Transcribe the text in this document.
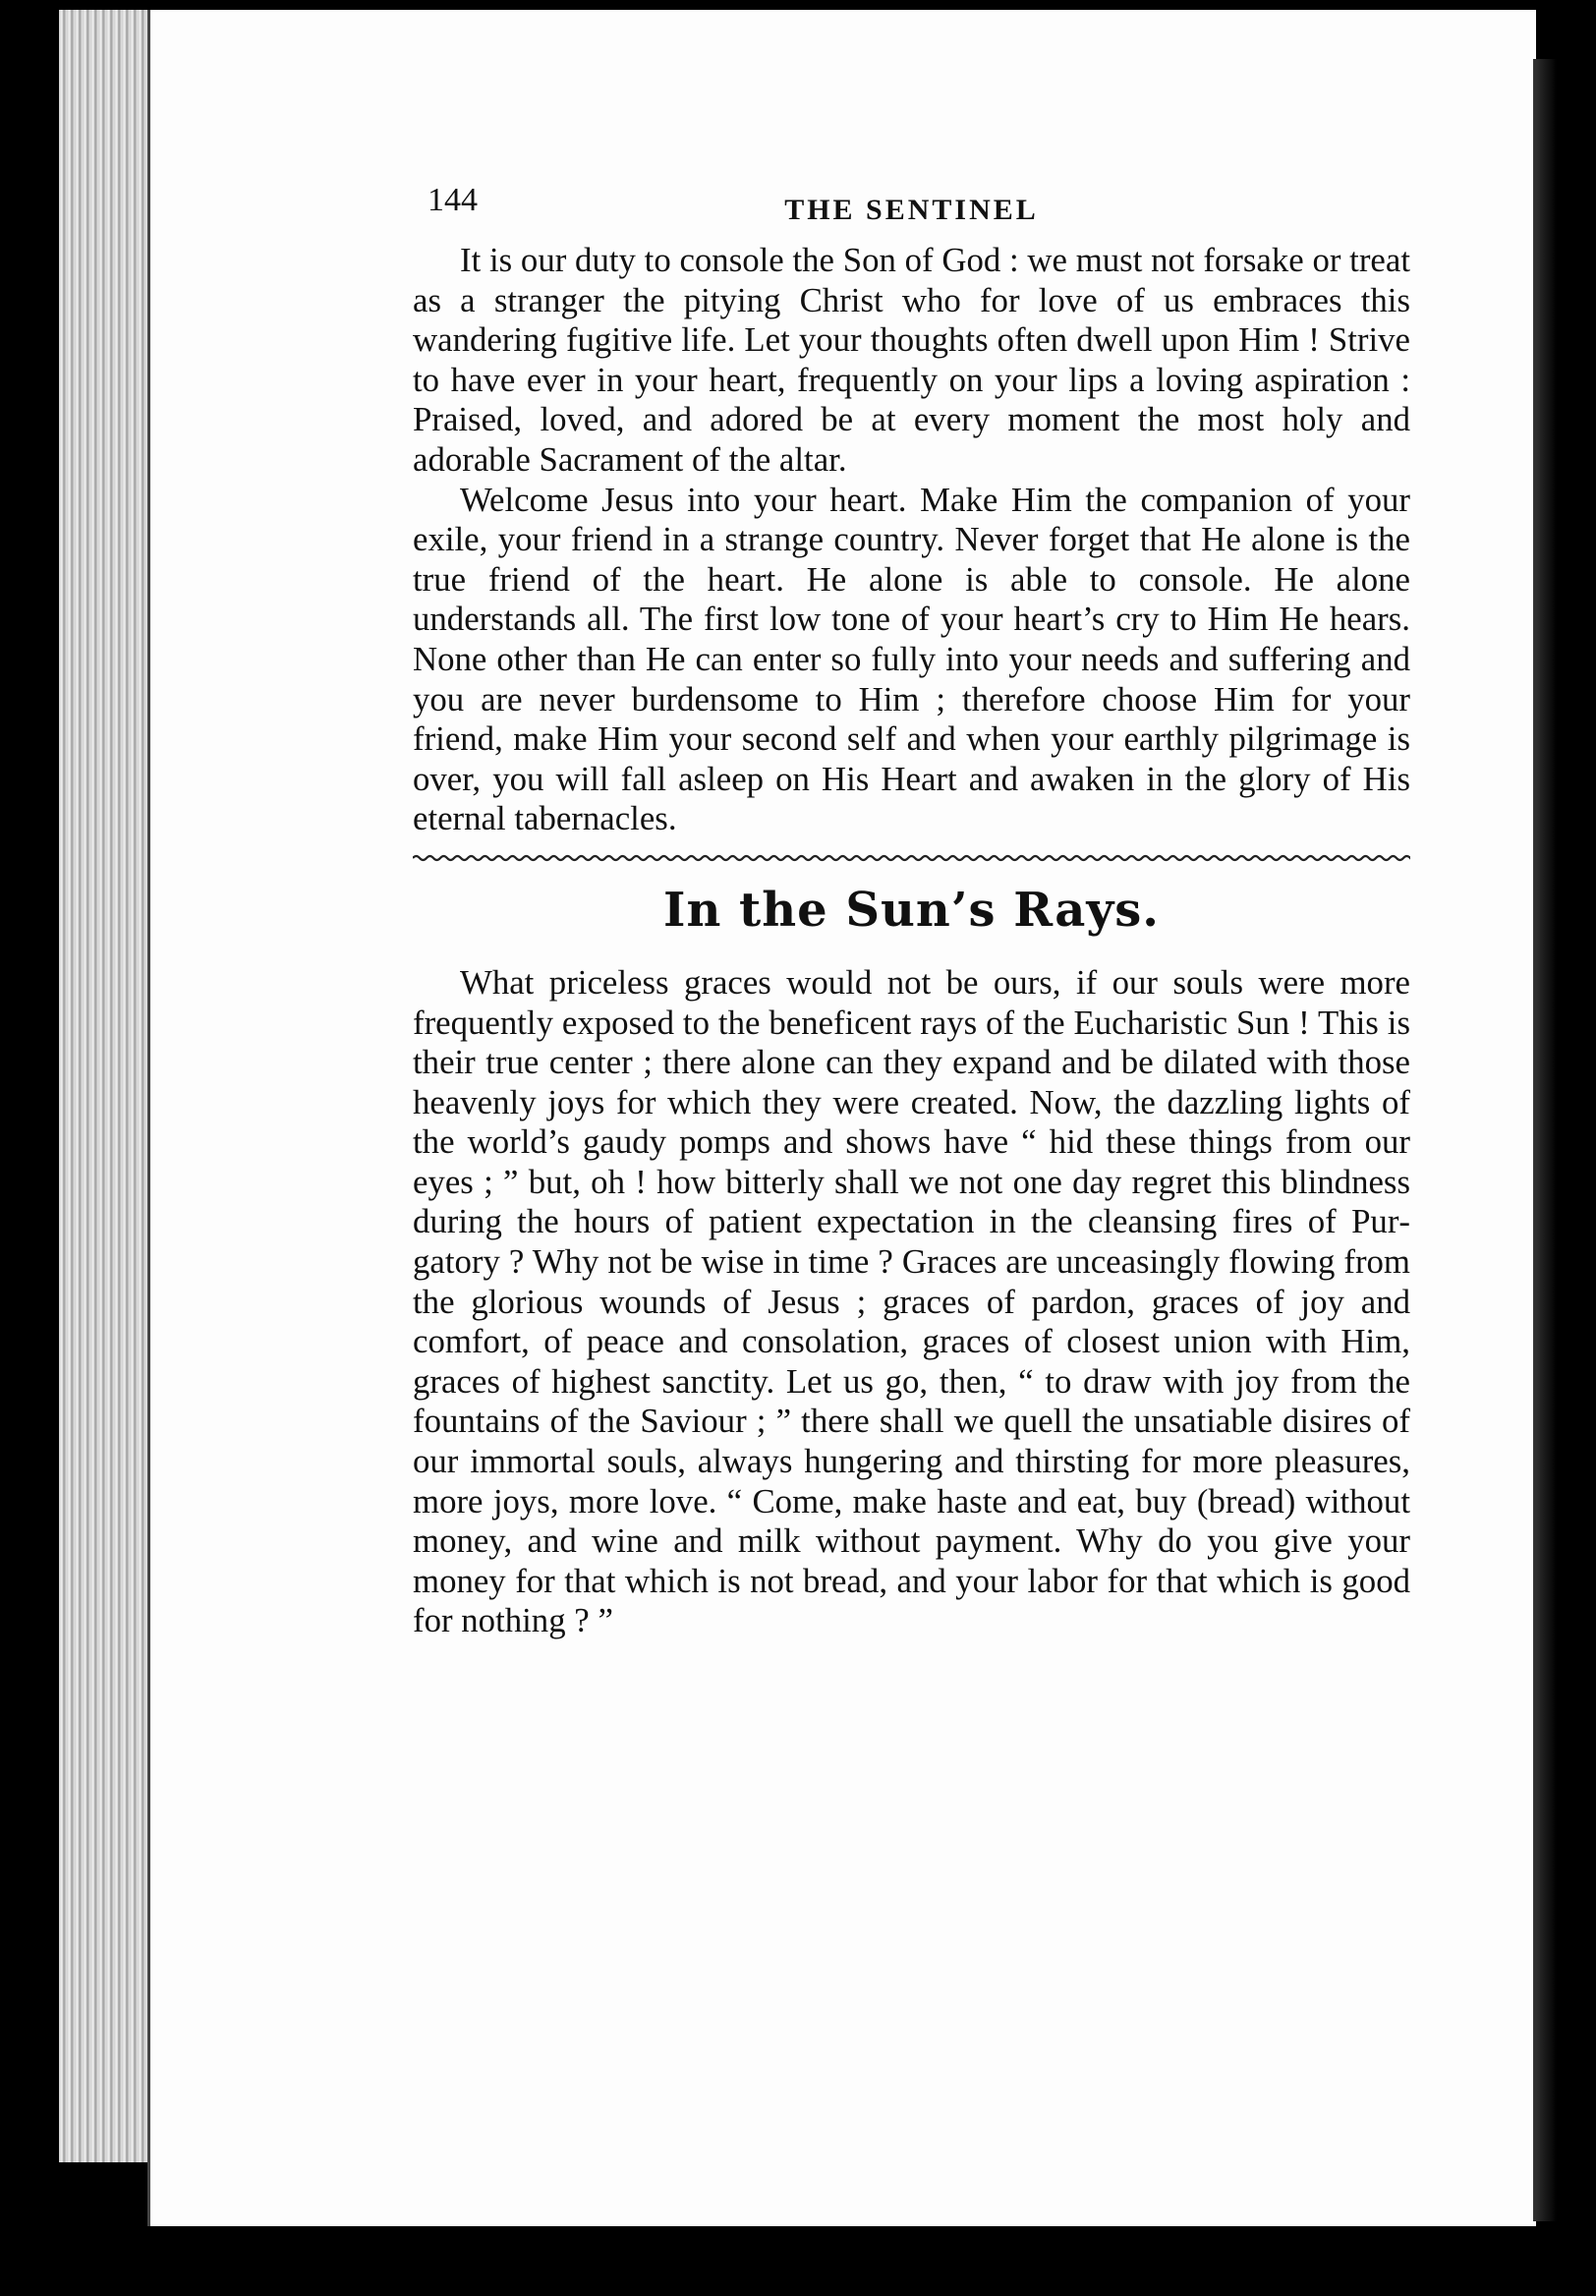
144	THE SENTINEL

It is our duty to console the Son of God : we must not forsake or treat as a stranger the pitying Christ who for love of us embraces this wandering fugitive life. Let your thoughts often dwell upon Him ! Strive to have ever in your heart, frequently on your lips a loving aspiration : Praised, loved, and adored be at every moment the most holy and adorable Sacrament of the altar.

Welcome Jesus into your heart. Make Him the companion of your exile, your friend in a strange country. Never forget that He alone is the true friend of the heart. He alone is able to console. He alone understands all. The first low tone of your heart’s cry to Him He hears. None other than He can enter so fully into your needs and suffering and you are never burdensome to Him ; therefore choose Him for your friend, make Him your second self and when your earthly pilgrimage is over, you will fall asleep on His Heart and awaken in the glory of His eternal tabernacles.

In the Sun’s Rays.

What priceless graces would not be ours, if our souls were more frequently exposed to the beneficent rays of the Eucharistic Sun ! This is their true center ; there alone can they expand and be dilated with those heavenly joys for which they were created. Now, the dazzling lights of the world’s gaudy pomps and shows have “ hid these things from our eyes ; ” but, oh ! how bitterly shall we not one day regret this blindness during the hours of patient expectation in the cleansing fires of Purgatory ? Why not be wise in time ? Graces are unceasingly flowing from the glorious wounds of Jesus ; graces of pardon, graces of joy and comfort, of peace and consolation, graces of closest union with Him, graces of highest sanctity. Let us go, then, “ to draw with joy from the fountains of the Saviour ; ” there shall we quell the unsatiable disires of our immortal souls, always hungering and thirsting for more pleasures, more joys, more love. “ Come, make haste and eat, buy (bread) without money, and wine and milk without payment. Why do you give your money for that which is not bread, and your labor for that which is good for nothing ? ”
